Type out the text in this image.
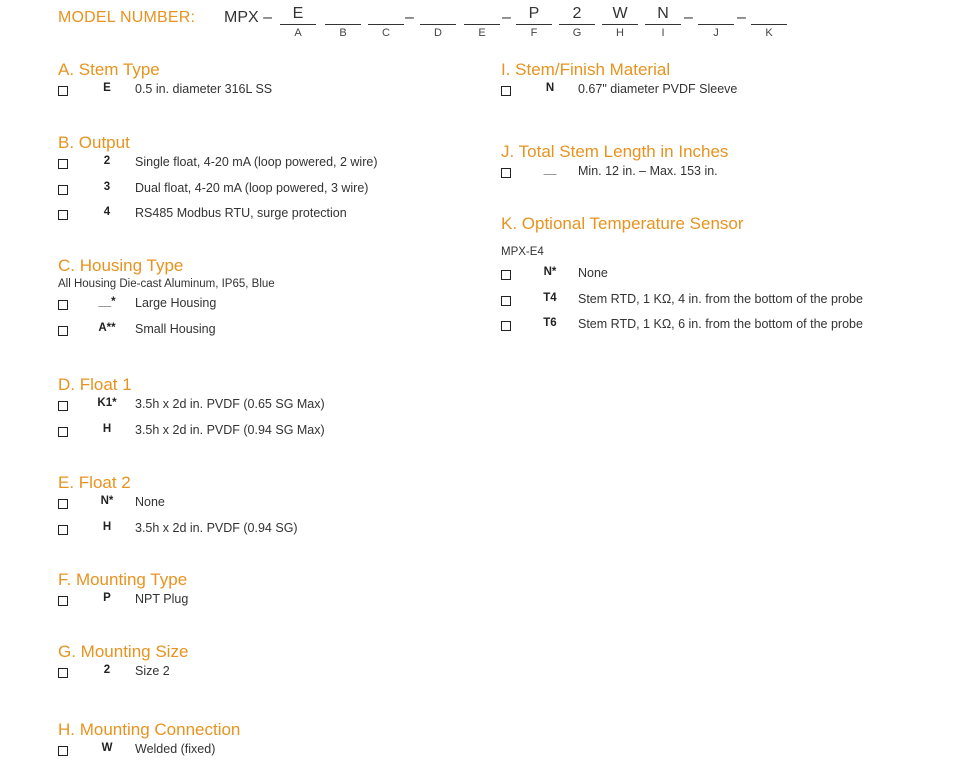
MODEL NUMBER: MPX –	E
A	B	C
–
D	E
–	P
F
2
G
W
H
N
I
–
J
–
K
A. Stem Type
E	0.5 in. diameter 316L SS
B. Output
2	Single float, 4-20 mA (loop powered, 2 wire)
3	Dual float, 4-20 mA (loop powered, 3 wire)
4	RS485 Modbus RTU, surge protection
C. Housing Type
All Housing Die-cast Aluminum, IP65, Blue
__*	Large Housing
A**	Small Housing
D. Float 1
K1*	3.5h x 2d in. PVDF (0.65 SG Max)
H	3.5h x 2d in. PVDF (0.94 SG Max)
E. Float 2
N*	None
H	3.5h x 2d in. PVDF (0.94 SG)
F. Mounting Type
P	NPT Plug
G. Mounting Size
2	Size 2
H. Mounting Connection
W	Welded (fixed)
I. Stem/Finish Material
N	0.67" diameter PVDF Sleeve
J. Total Stem Length in Inches
__	Min. 12 in. – Max. 153 in.
K. Optional Temperature Sensor
MPX-E4
N*	None
T4	Stem RTD, 1 KΩ, 4 in. from the bottom of the probe
T6	Stem RTD, 1 KΩ, 6 in. from the bottom of the probe
